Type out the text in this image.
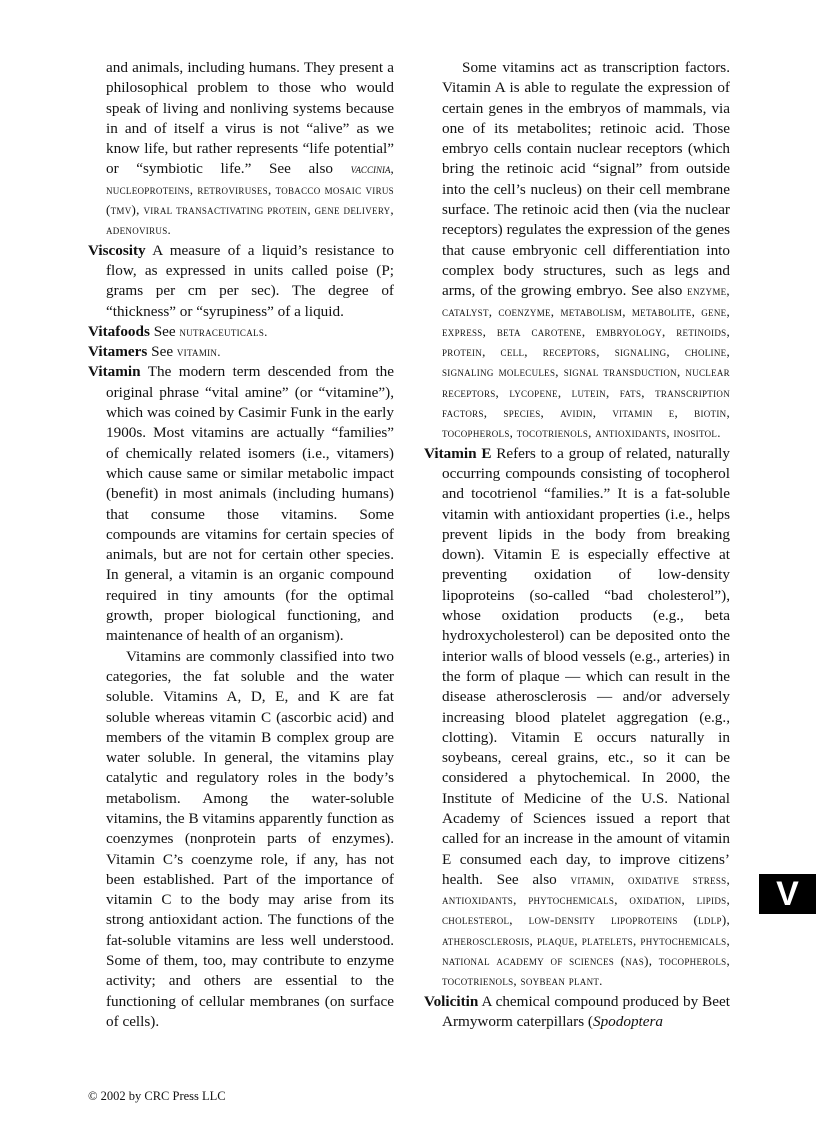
and animals, including humans. They present a philosophical problem to those who would speak of living and nonliving systems because in and of itself a virus is not “alive” as we know life, but rather represents “life potential” or “symbiotic life.” See also vaccinia, nucleoproteins, retroviruses, tobacco mosaic virus (tmv), viral transactivating protein, gene delivery, adenovirus.

Viscosity A measure of a liquid’s resistance to flow, as expressed in units called poise (P; grams per cm per sec). The degree of “thickness” or “syrupiness” of a liquid.

Vitafoods See nutraceuticals.

Vitamers See vitamin.

Vitamin The modern term descended from the original phrase “vital amine” (or “vitamine”), which was coined by Casimir Funk in the early 1900s. Most vitamins are actually “families” of chemically related isomers (i.e., vitamers) which cause same or similar metabolic impact (benefit) in most animals (including humans) that consume those vitamins. Some compounds are vitamins for certain species of animals, but are not for certain other species. In general, a vitamin is an organic compound required in tiny amounts (for the optimal growth, proper biological functioning, and maintenance of health of an organism).

Vitamins are commonly classified into two categories, the fat soluble and the water soluble. Vitamins A, D, E, and K are fat soluble whereas vitamin C (ascorbic acid) and members of the vitamin B complex group are water soluble. In general, the vitamins play catalytic and regulatory roles in the body’s metabolism. Among the water-soluble vitamins, the B vitamins apparently function as coenzymes (nonprotein parts of enzymes). Vitamin C’s coenzyme role, if any, has not been established. Part of the importance of vitamin C to the body may arise from its strong antioxidant action. The functions of the fat-soluble vitamins are less well understood. Some of them, too, may contribute to enzyme activity; and others are essential to the functioning of cellular membranes (on surface of cells).

Some vitamins act as transcription factors. Vitamin A is able to regulate the expression of certain genes in the embryos of mammals, via one of its metabolites; retinoic acid. Those embryo cells contain nuclear receptors (which bring the retinoic acid “signal” from outside into the cell’s nucleus) on their cell membrane surface. The retinoic acid then (via the nuclear receptors) regulates the expression of the genes that cause embryonic cell differentiation into complex body structures, such as legs and arms, of the growing embryo. See also enzyme, catalyst, coenzyme, metabolism, metabolite, gene, express, beta carotene, embryology, retinoids, protein, cell, receptors, signaling, choline, signaling molecules, signal transduction, nuclear receptors, lycopene, lutein, fats, transcription factors, species, avidin, vitamin e, biotin, tocopherols, tocotrienols, antioxidants, inositol.

Vitamin E Refers to a group of related, naturally occurring compounds consisting of tocopherol and tocotrienol “families.” It is a fat-soluble vitamin with antioxidant properties (i.e., helps prevent lipids in the body from breaking down). Vitamin E is especially effective at preventing oxidation of low-density lipoproteins (so-called “bad cholesterol”), whose oxidation products (e.g., beta hydroxycholesterol) can be deposited onto the interior walls of blood vessels (e.g., arteries) in the form of plaque — which can result in the disease atherosclerosis — and/or adversely increasing blood platelet aggregation (e.g., clotting). Vitamin E occurs naturally in soybeans, cereal grains, etc., so it can be considered a phytochemical. In 2000, the Institute of Medicine of the U.S. National Academy of Sciences issued a report that called for an increase in the amount of vitamin E consumed each day, to improve citizens’ health. See also vitamin, oxidative stress, antioxidants, phytochemicals, oxidation, lipids, cholesterol, low-density lipoproteins (ldlp), atherosclerosis, plaque, platelets, phytochemicals, national academy of sciences (nas), tocopherols, tocotrienols, soybean plant.

Volicitin A chemical compound produced by Beet Armyworm caterpillars (Spodoptera

V
© 2002 by CRC Press LLC
